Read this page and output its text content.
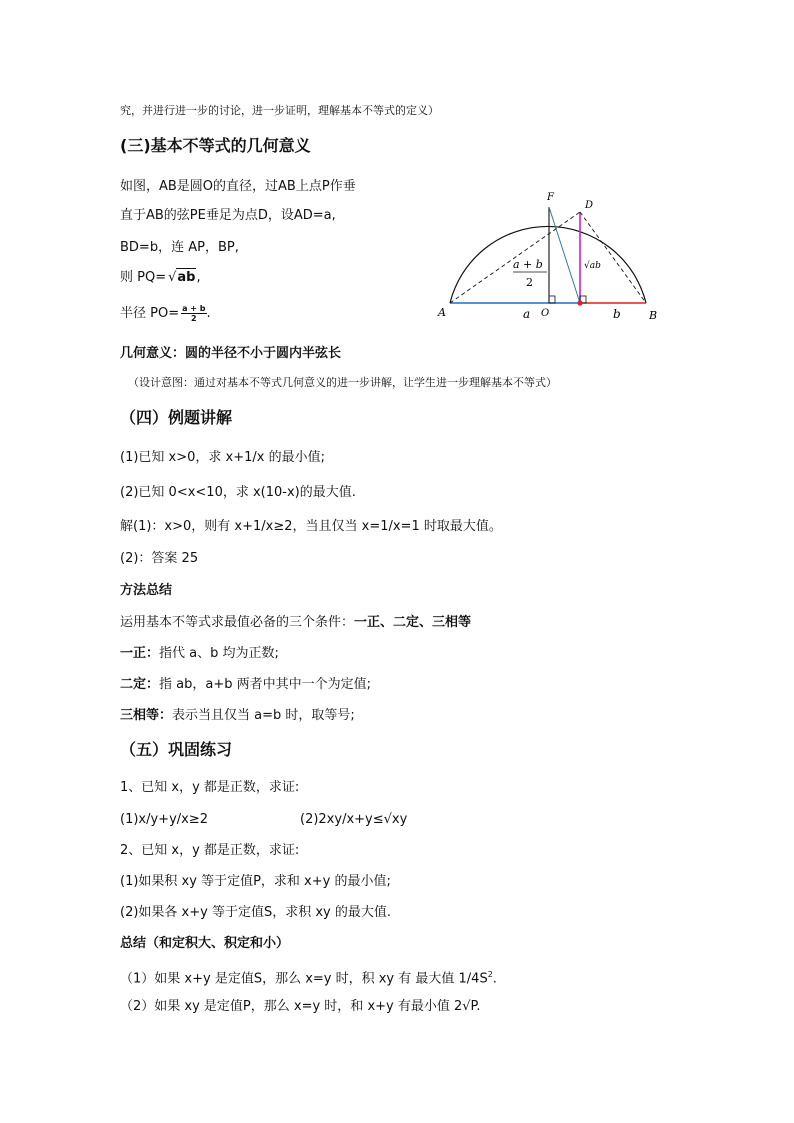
究，并进行进一步的讨论，进一步证明，理解基本不等式的定义）
(三)基本不等式的几何意义
如图，AB是圆O的直径，过AB上点P作垂
直于AB的弦PE垂足为点D，设AD=a,
BD=b，连 AP，BP,
则 PQ= √ab,
半径 $PO= \frac{a + b}{2}$ .	A	B
O
F
D
a	b
a + b
2
√ab
几何意义：圆的半径不小于圆内半弦长
（设计意图：通过对基本不等式几何意义的进一步讲解，让学生进一步理解基本不等式）
（四）例题讲解
(1)已知 x>0，求 x+1/x 的最小值;
(2)已知 0<x<10，求 x(10-x)的最大值.
解(1)：x>0，则有 x+1/x≥2，当且仅当 x=1/x=1 时取最大值。
(2)：答案 25
方法总结
运用基本不等式求最值必备的三个条件：一正、二定、三相等
一正：指代 a、b 均为正数;
二定：指 ab，a+b 两者中其中一个为定值;
三相等：表示当且仅当 a=b 时，取等号;
（五）巩固练习
1、已知 x，y 都是正数，求证:
(1)x/y+y/x≥2	(2)2xy/x+y≤√xy
2、已知 x，y 都是正数，求证:
(1)如果积 xy 等于定值P，求和 x+y 的最小值;
(2)如果各 x+y 等于定值S，求积 xy 的最大值.
总结（和定积大、积定和小）
（1）如果 x+y 是定值S，那么 x=y 时，积 xy 有 最大值 $1/4S^2$.
（2）如果 xy 是定值P，那么 x=y 时，和 x+y 有最小值 2√P.
